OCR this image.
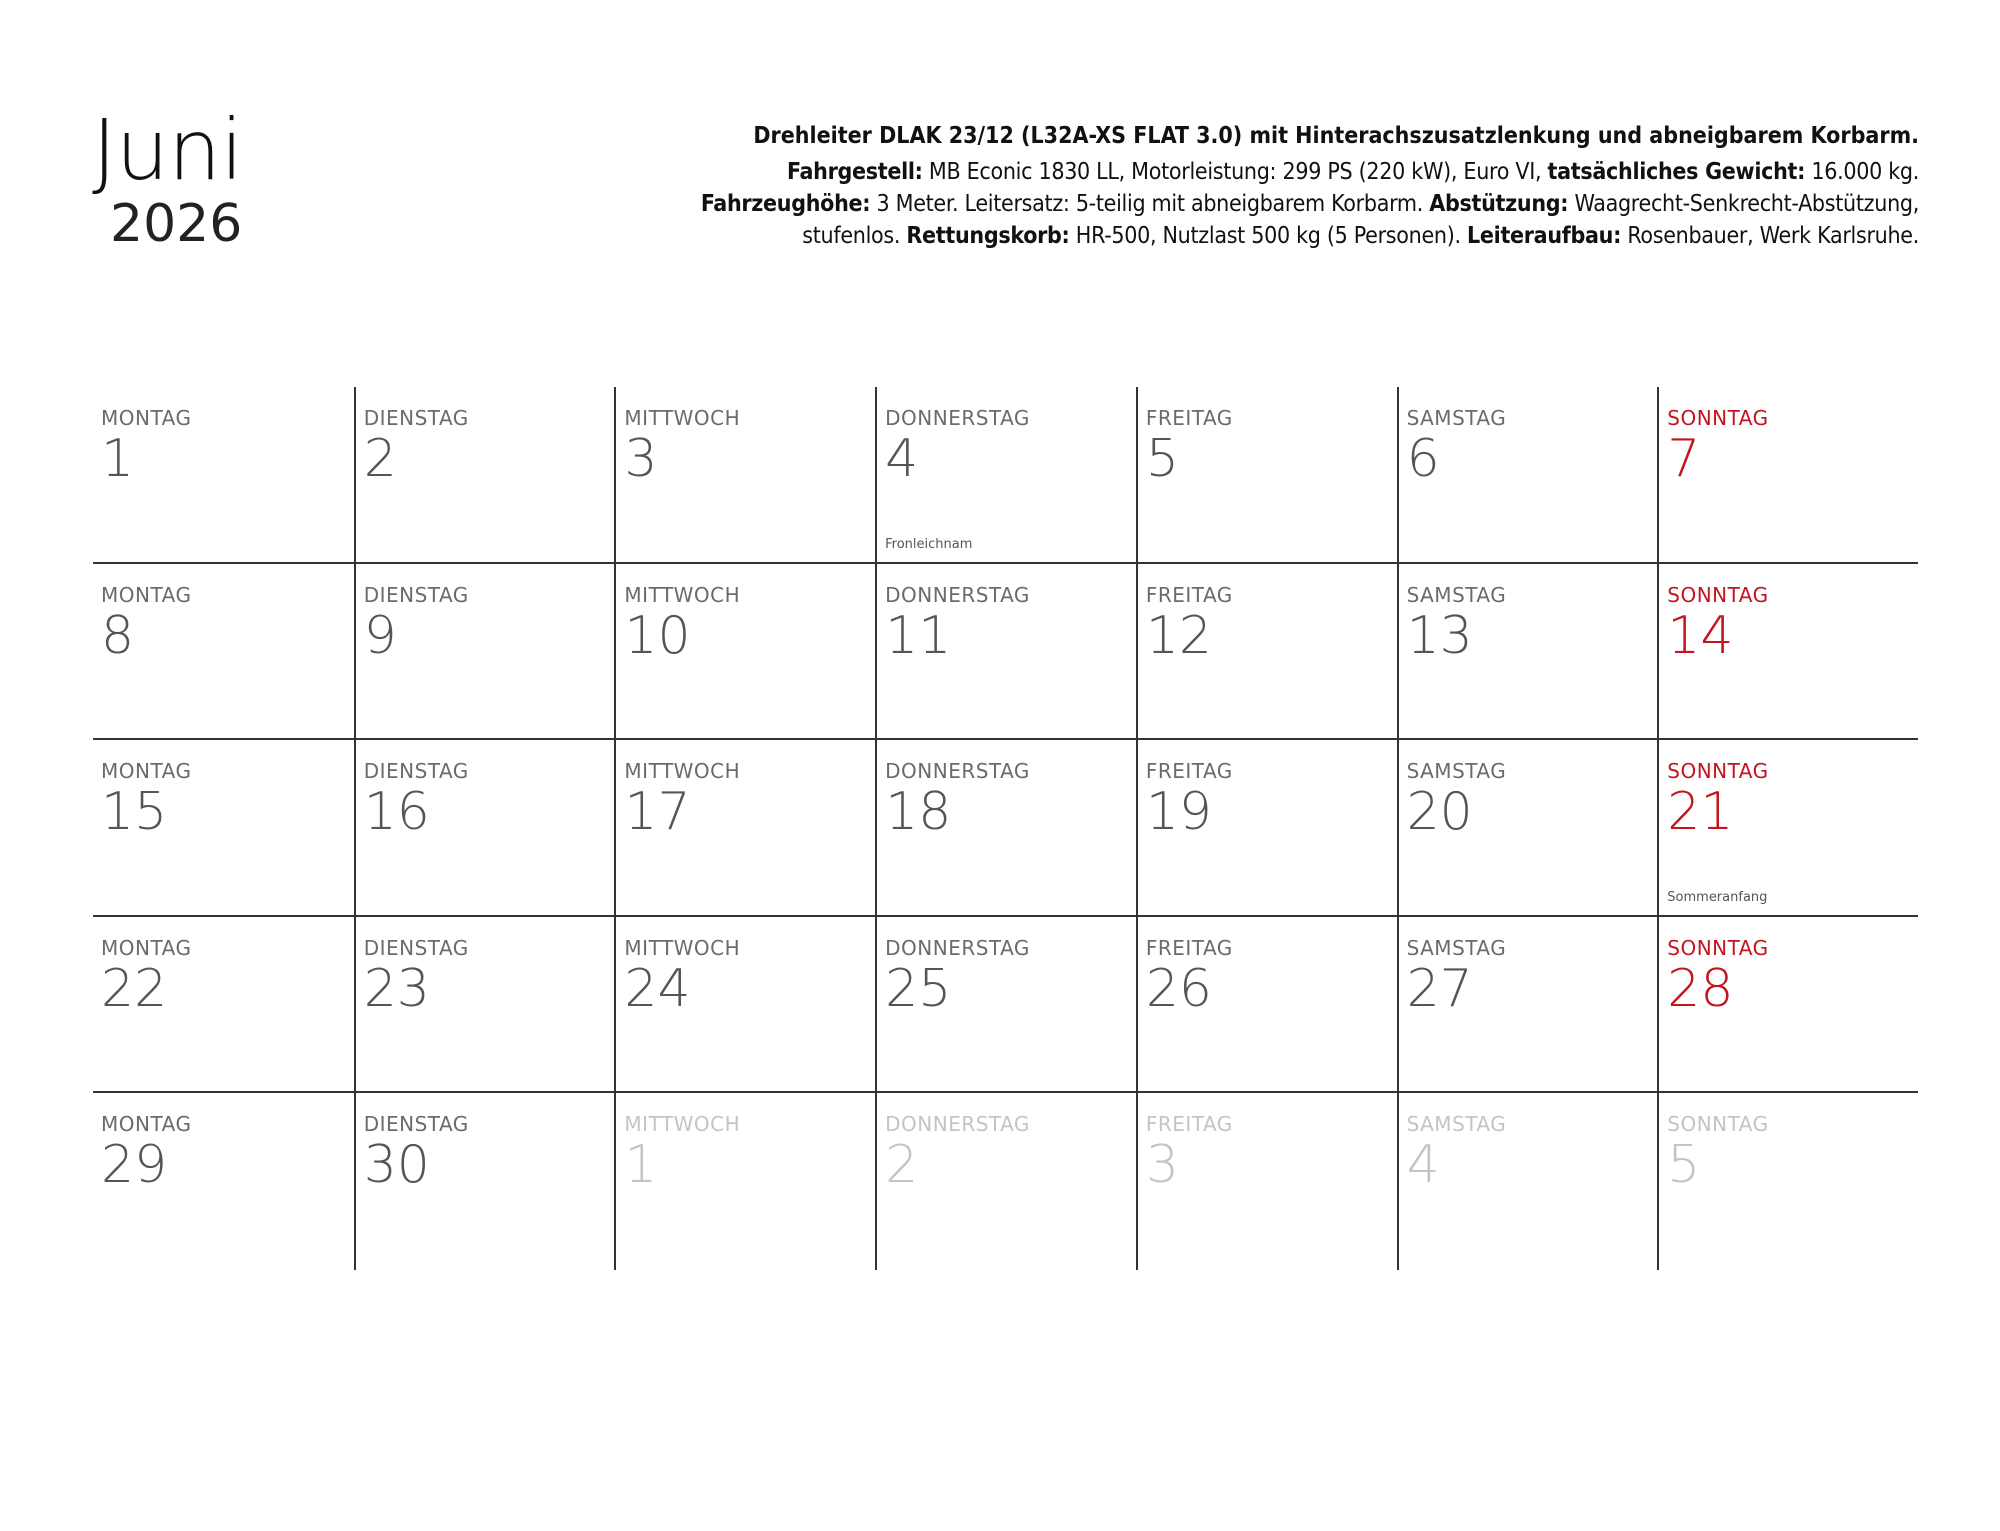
Juni
2026
Drehleiter DLAK 23/12 (L32A-XS FLAT 3.0) mit Hinterachszusatzlenkung und abneigbarem Korbarm.
Fahrgestell: MB Econic 1830 LL, Motorleistung: 299 PS (220 kW), Euro VI, tatsächliches Gewicht: 16.000 kg. Fahrzeughöhe: 3 Meter. Leitersatz: 5-teilig mit abneigbarem Korbarm. Abstützung: Waagrecht-Senkrecht-Abstützung, stufenlos. Rettungskorb: HR-500, Nutzlast 500 kg (5 Personen). Leiteraufbau: Rosenbauer, Werk Karlsruhe.
MONTAG
1
DIENSTAG
2
MITTWOCH
3
DONNERSTAG
4
Fronleichnam
FREITAG
5
SAMSTAG
6
SONNTAG
7
MONTAG
8
DIENSTAG
9
MITTWOCH
10
DONNERSTAG
11
FREITAG
12
SAMSTAG
13
SONNTAG
14
MONTAG
15
DIENSTAG
16
MITTWOCH
17
DONNERSTAG
18
FREITAG
19
SAMSTAG
20
SONNTAG
21
Sommeranfang
MONTAG
22
DIENSTAG
23
MITTWOCH
24
DONNERSTAG
25
FREITAG
26
SAMSTAG
27
SONNTAG
28
MONTAG
29
DIENSTAG
30
MITTWOCH
1
DONNERSTAG
2
FREITAG
3
SAMSTAG
4
SONNTAG
5
